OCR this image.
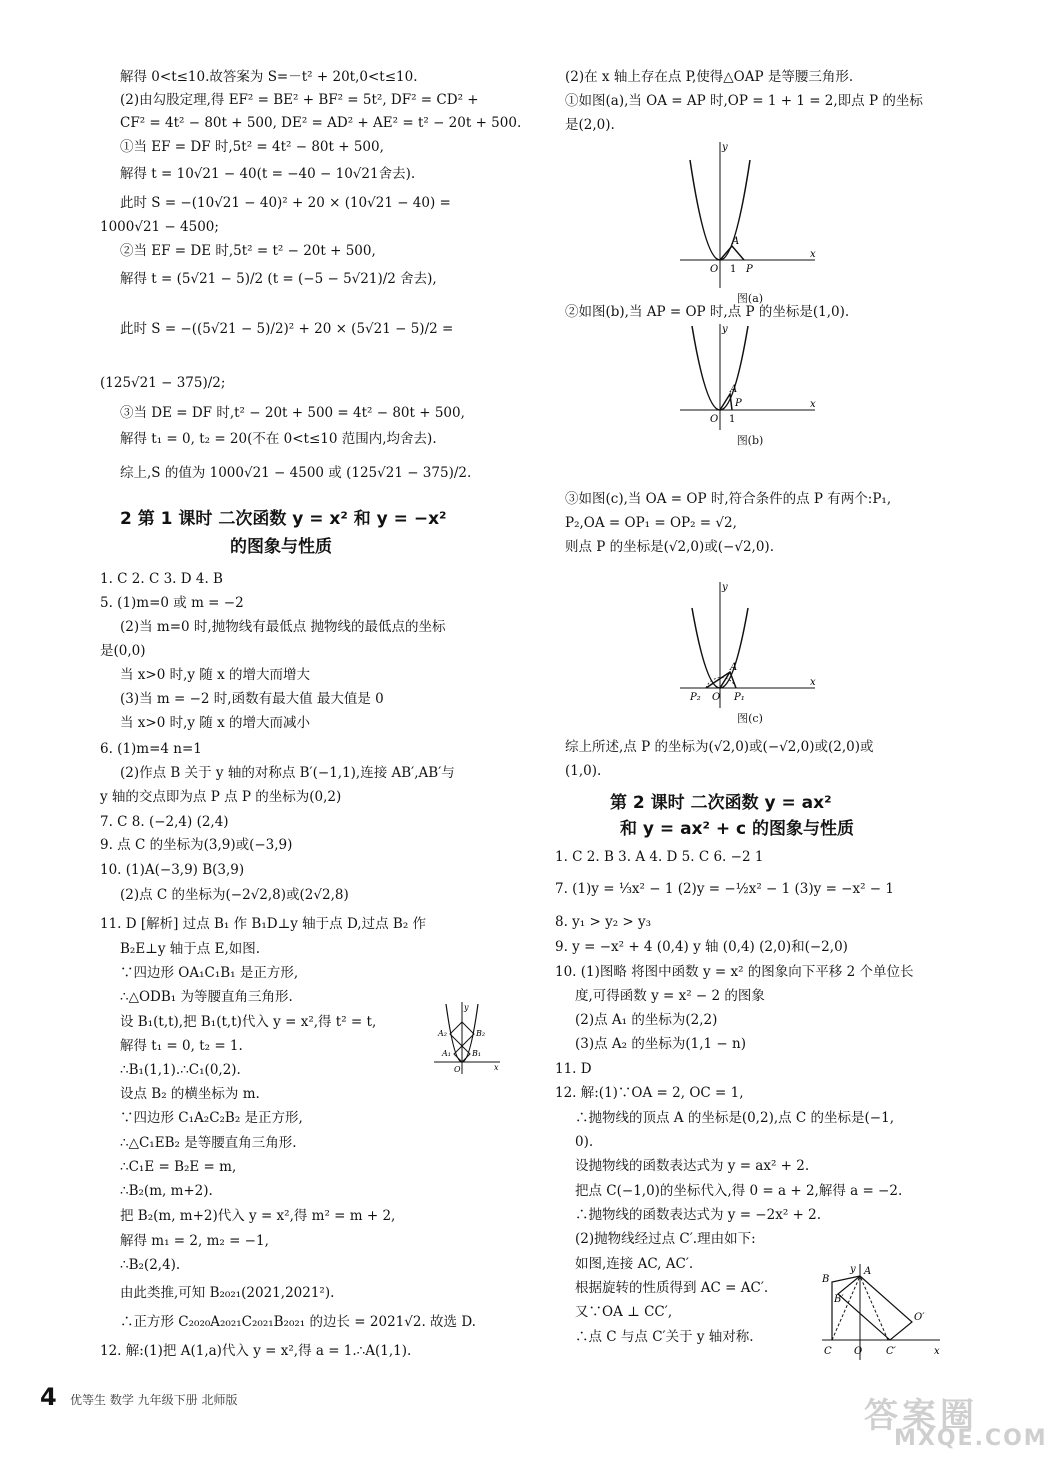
解得 0<t≤10.故答案为 S=－t² + 20t,0<t≤10.
(2)由勾股定理,得 EF² = BE² + BF² = 5t², DF² = CD² +
CF² = 4t² − 80t + 500, DE² = AD² + AE² = t² − 20t + 500.
①当 EF = DF 时,5t² = 4t² − 80t + 500,
解得 t = 10√21 − 40(t = −40 − 10√21舍去).
此时 S = −(10√21 − 40)² + 20 × (10√21 − 40) =
1000√21 − 4500;
②当 EF = DE 时,5t² = t² − 20t + 500,
解得 t = (5√21 − 5)/2 (t = (−5 − 5√21)/2 舍去),
此时 S = −((5√21 − 5)/2)² + 20 × (5√21 − 5)/2 =
(125√21 − 375)/2;
③当 DE = DF 时,t² − 20t + 500 = 4t² − 80t + 500,
解得 t₁ = 0, t₂ = 20(不在 0<t≤10 范围内,均舍去).
综上,S 的值为 1000√21 − 4500 或 (125√21 − 375)/2.
2 第 1 课时 二次函数 y = x² 和 y = −x²
的图象与性质
1. C 2. C 3. D 4. B
5. (1)m=0 或 m = −2
(2)当 m=0 时,抛物线有最低点 抛物线的最低点的坐标
是(0,0)
当 x>0 时,y 随 x 的增大而增大
(3)当 m = −2 时,函数有最大值 最大值是 0
当 x>0 时,y 随 x 的增大而减小
6. (1)m=4 n=1
(2)作点 B 关于 y 轴的对称点 B′(−1,1),连接 AB′,AB′与
y 轴的交点即为点 P 点 P 的坐标为(0,2)
7. C 8. (−2,4) (2,4)
9. 点 C 的坐标为(3,9)或(−3,9)
10. (1)A(−3,9) B(3,9)
(2)点 C 的坐标为(−2√2,8)或(2√2,8)
11. D [解析] 过点 B₁ 作 B₁D⊥y 轴于点 D,过点 B₂ 作
B₂E⊥y 轴于点 E,如图.
∵四边形 OA₁C₁B₁ 是正方形,
∴△ODB₁ 为等腰直角三角形.
设 B₁(t,t),把 B₁(t,t)代入 y = x²,得 t² = t,
解得 t₁ = 0, t₂ = 1.
∴B₁(1,1).∴C₁(0,2).
设点 B₂ 的横坐标为 m.
∵四边形 C₁A₂C₂B₂ 是正方形,
∴△C₁EB₂ 是等腰直角三角形.
∴C₁E = B₂E = m,
∴B₂(m, m+2).
把 B₂(m, m+2)代入 y = x²,得 m² = m + 2,
解得 m₁ = 2, m₂ = −1,
∴B₂(2,4).
由此类推,可知 B₂₀₂₁(2021,2021²).
∴正方形 C₂₀₂₀A₂₀₂₁C₂₀₂₁B₂₀₂₁ 的边长 = 2021√2. 故选 D.
12. 解:(1)把 A(1,a)代入 y = x²,得 a = 1.∴A(1,1).
(2)在 x 轴上存在点 P,使得△OAP 是等腰三角形.
①如图(a),当 OA = AP 时,OP = 1 + 1 = 2,即点 P 的坐标
是(2,0).
②如图(b),当 AP = OP 时,点 P 的坐标是(1,0).
③如图(c),当 OA = OP 时,符合条件的点 P 有两个:P₁,
P₂,OA = OP₁ = OP₂ = √2,
则点 P 的坐标是(√2,0)或(−√2,0).
综上所述,点 P 的坐标为(√2,0)或(−√2,0)或(2,0)或
(1,0).
第 2 课时 二次函数 y = ax²
和 y = ax² + c 的图象与性质
1. C 2. B 3. A 4. D 5. C 6. −2 1
7. (1)y = ⅓x² − 1 (2)y = −½x² − 1 (3)y = −x² − 1
8. y₁ > y₂ > y₃
9. y = −x² + 4 (0,4) y 轴 (0,4) (2,0)和(−2,0)
10. (1)图略 将图中函数 y = x² 的图象向下平移 2 个单位长
度,可得函数 y = x² − 2 的图象
(2)点 A₁ 的坐标为(2,2)
(3)点 A₂ 的坐标为(1,1 − n)
11. D
12. 解:(1)∵OA = 2, OC = 1,
∴抛物线的顶点 A 的坐标是(0,2),点 C 的坐标是(−1,
0).
设抛物线的函数表达式为 y = ax² + 2.
把点 C(−1,0)的坐标代入,得 0 = a + 2,解得 a = −2.
∴抛物线的函数表达式为 y = −2x² + 2.
(2)抛物线经过点 C′.理由如下:
如图,连接 AC, AC′.
根据旋转的性质得到 AC = AC′.
又∵OA ⊥ CC′,
∴点 C 与点 C′关于 y 轴对称.
O 1 P
A
x
y
图(a)
O 1
P
A
x
y
图(b)
P₂ O P₁
A
x
y
图(c)
O
B₁
A₁
B₂
A₂
y
x
B
A
B′
O′
C O C′	x
y
4 优等生 数学 九年级下册 北师版	答案圈
MXQE.COM
